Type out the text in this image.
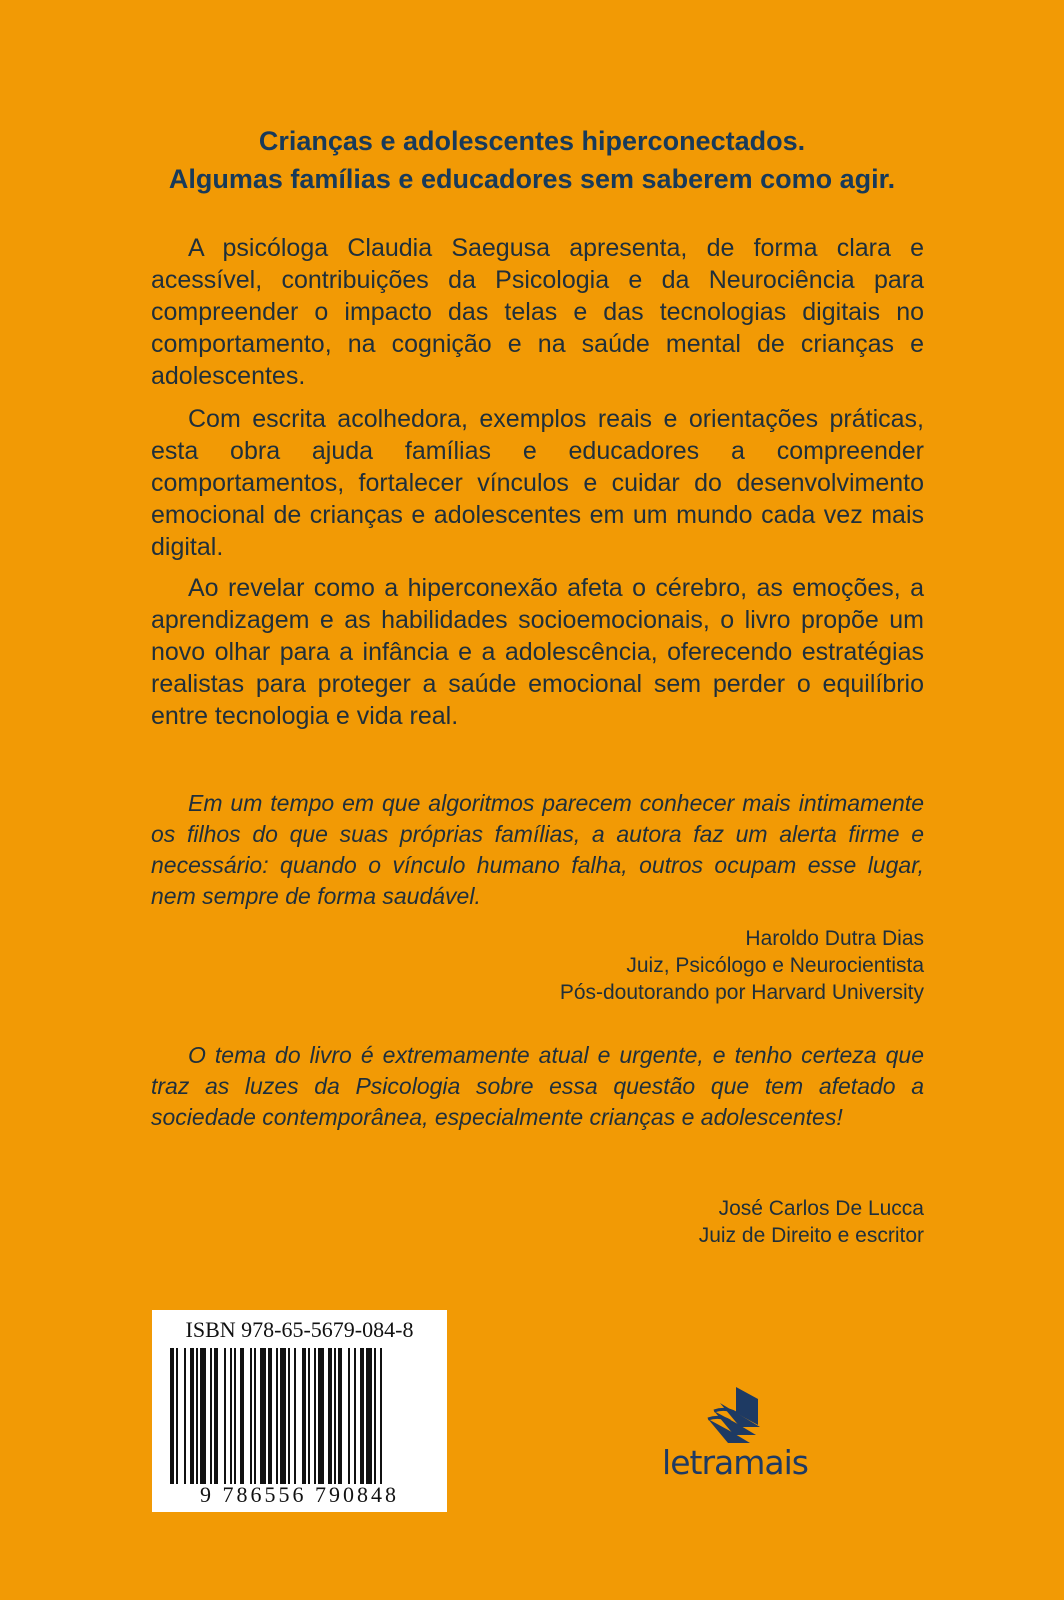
Crianças e adolescentes hiperconectados.
Algumas famílias e educadores sem saberem como agir.

A psicóloga Claudia Saegusa apresenta, de forma clara e acessível, contribuições da Psicologia e da Neurociência para compreender o impacto das telas e das tecnologias digitais no comportamento, na cognição e na saúde mental de crianças e adolescentes.

Com escrita acolhedora, exemplos reais e orientações práticas, esta obra ajuda famílias e educadores a compreender comportamentos, fortalecer vínculos e cuidar do desenvolvimento emocional de crianças e adolescentes em um mundo cada vez mais digital.

Ao revelar como a hiperconexão afeta o cérebro, as emoções, a aprendizagem e as habilidades socioemocionais, o livro propõe um novo olhar para a infância e a adolescência, oferecendo estratégias realistas para proteger a saúde emocional sem perder o equilíbrio entre tecnologia e vida real.

Em um tempo em que algoritmos parecem conhecer mais intimamente os filhos do que suas próprias famílias, a autora faz um alerta firme e necessário: quando o vínculo humano falha, outros ocupam esse lugar, nem sempre de forma saudável.

Haroldo Dutra Dias
Juiz, Psicólogo e Neurocientista
Pós-doutorando por Harvard University

O tema do livro é extremamente atual e urgente, e tenho certeza que traz as luzes da Psicologia sobre essa questão que tem afetado a sociedade contemporânea, especialmente crianças e adolescentes!

José Carlos De Lucca
Juiz de Direito e escritor
ISBN 978-65-5679-084-8
9 786556 790848
letramais
